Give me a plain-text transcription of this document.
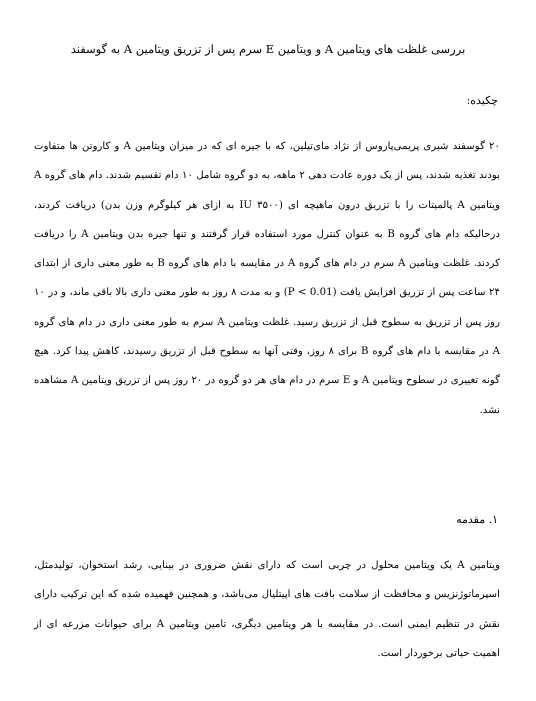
بررسی غلظت های ویتامین A و ویتامین E سرم پس از تزریق ویتامین A به گوسفند
چکیده:
۲۰ گوسفند شیری پریمی‌پاروس از نژاد مای‌تیلین، که با جیره ای که در میزان ویتامین A و کاروتن ها متفاوت بودند تغذیه شدند، پس از یک دوره عادت دهی ۲ ماهه، به دو گروه شامل ۱۰ دام تقسیم شدند. دام های گروه A ویتامین A پالمیتات را با تزریق درون ماهیچه ای (۳۵۰۰ IU به ازای هر کیلوگرم وزن بدن) دریافت کردند، درحالیکه دام های گروه B به عنوان کنترل مورد استفاده قرار گرفتند و تنها جیره بدن ویتامین A را دریافت کردند. غلظت ویتامین A سرم در دام های گروه A در مقایسه با دام های گروه B به طور معنی داری از ابتدای ۲۴ ساعت پس از تزریق افزایش یافت (P < 0.01) و به مدت ۸ روز به طور معنی داری بالا باقی ماند، و در ۱۰ روز پس از تزریق به سطوح قبل از تزریق رسید. غلظت ویتامین A سرم به طور معنی داری در دام های گروه A در مقایسه با دام های گروه B برای ۸ روز، وقتی آنها به سطوح قبل از تزریق رسیدند، کاهش پیدا کرد. هیچ گونه تغییری در سطوح ویتامین A و E سرم در دام های هر دو گروه در ۲۰ روز پس از تزریق ویتامین A مشاهده نشد.
۱. مقدمه
ویتامین A یک ویتامین محلول در چربی است که دارای نقش ضروری در بینایی، رشد استخوان، تولیدمثل، اسپرماتوژنزیس و محافظت از سلامت بافت های اپیتلیال می‌باشد، و همچنین فهمیده شده که این ترکیب دارای نقش در تنظیم ایمنی است. در مقایسه با هر ویتامین دیگری، تامین ویتامین A برای حیوانات مزرعه ای از اهمیت حیاتی برخوردار است.
